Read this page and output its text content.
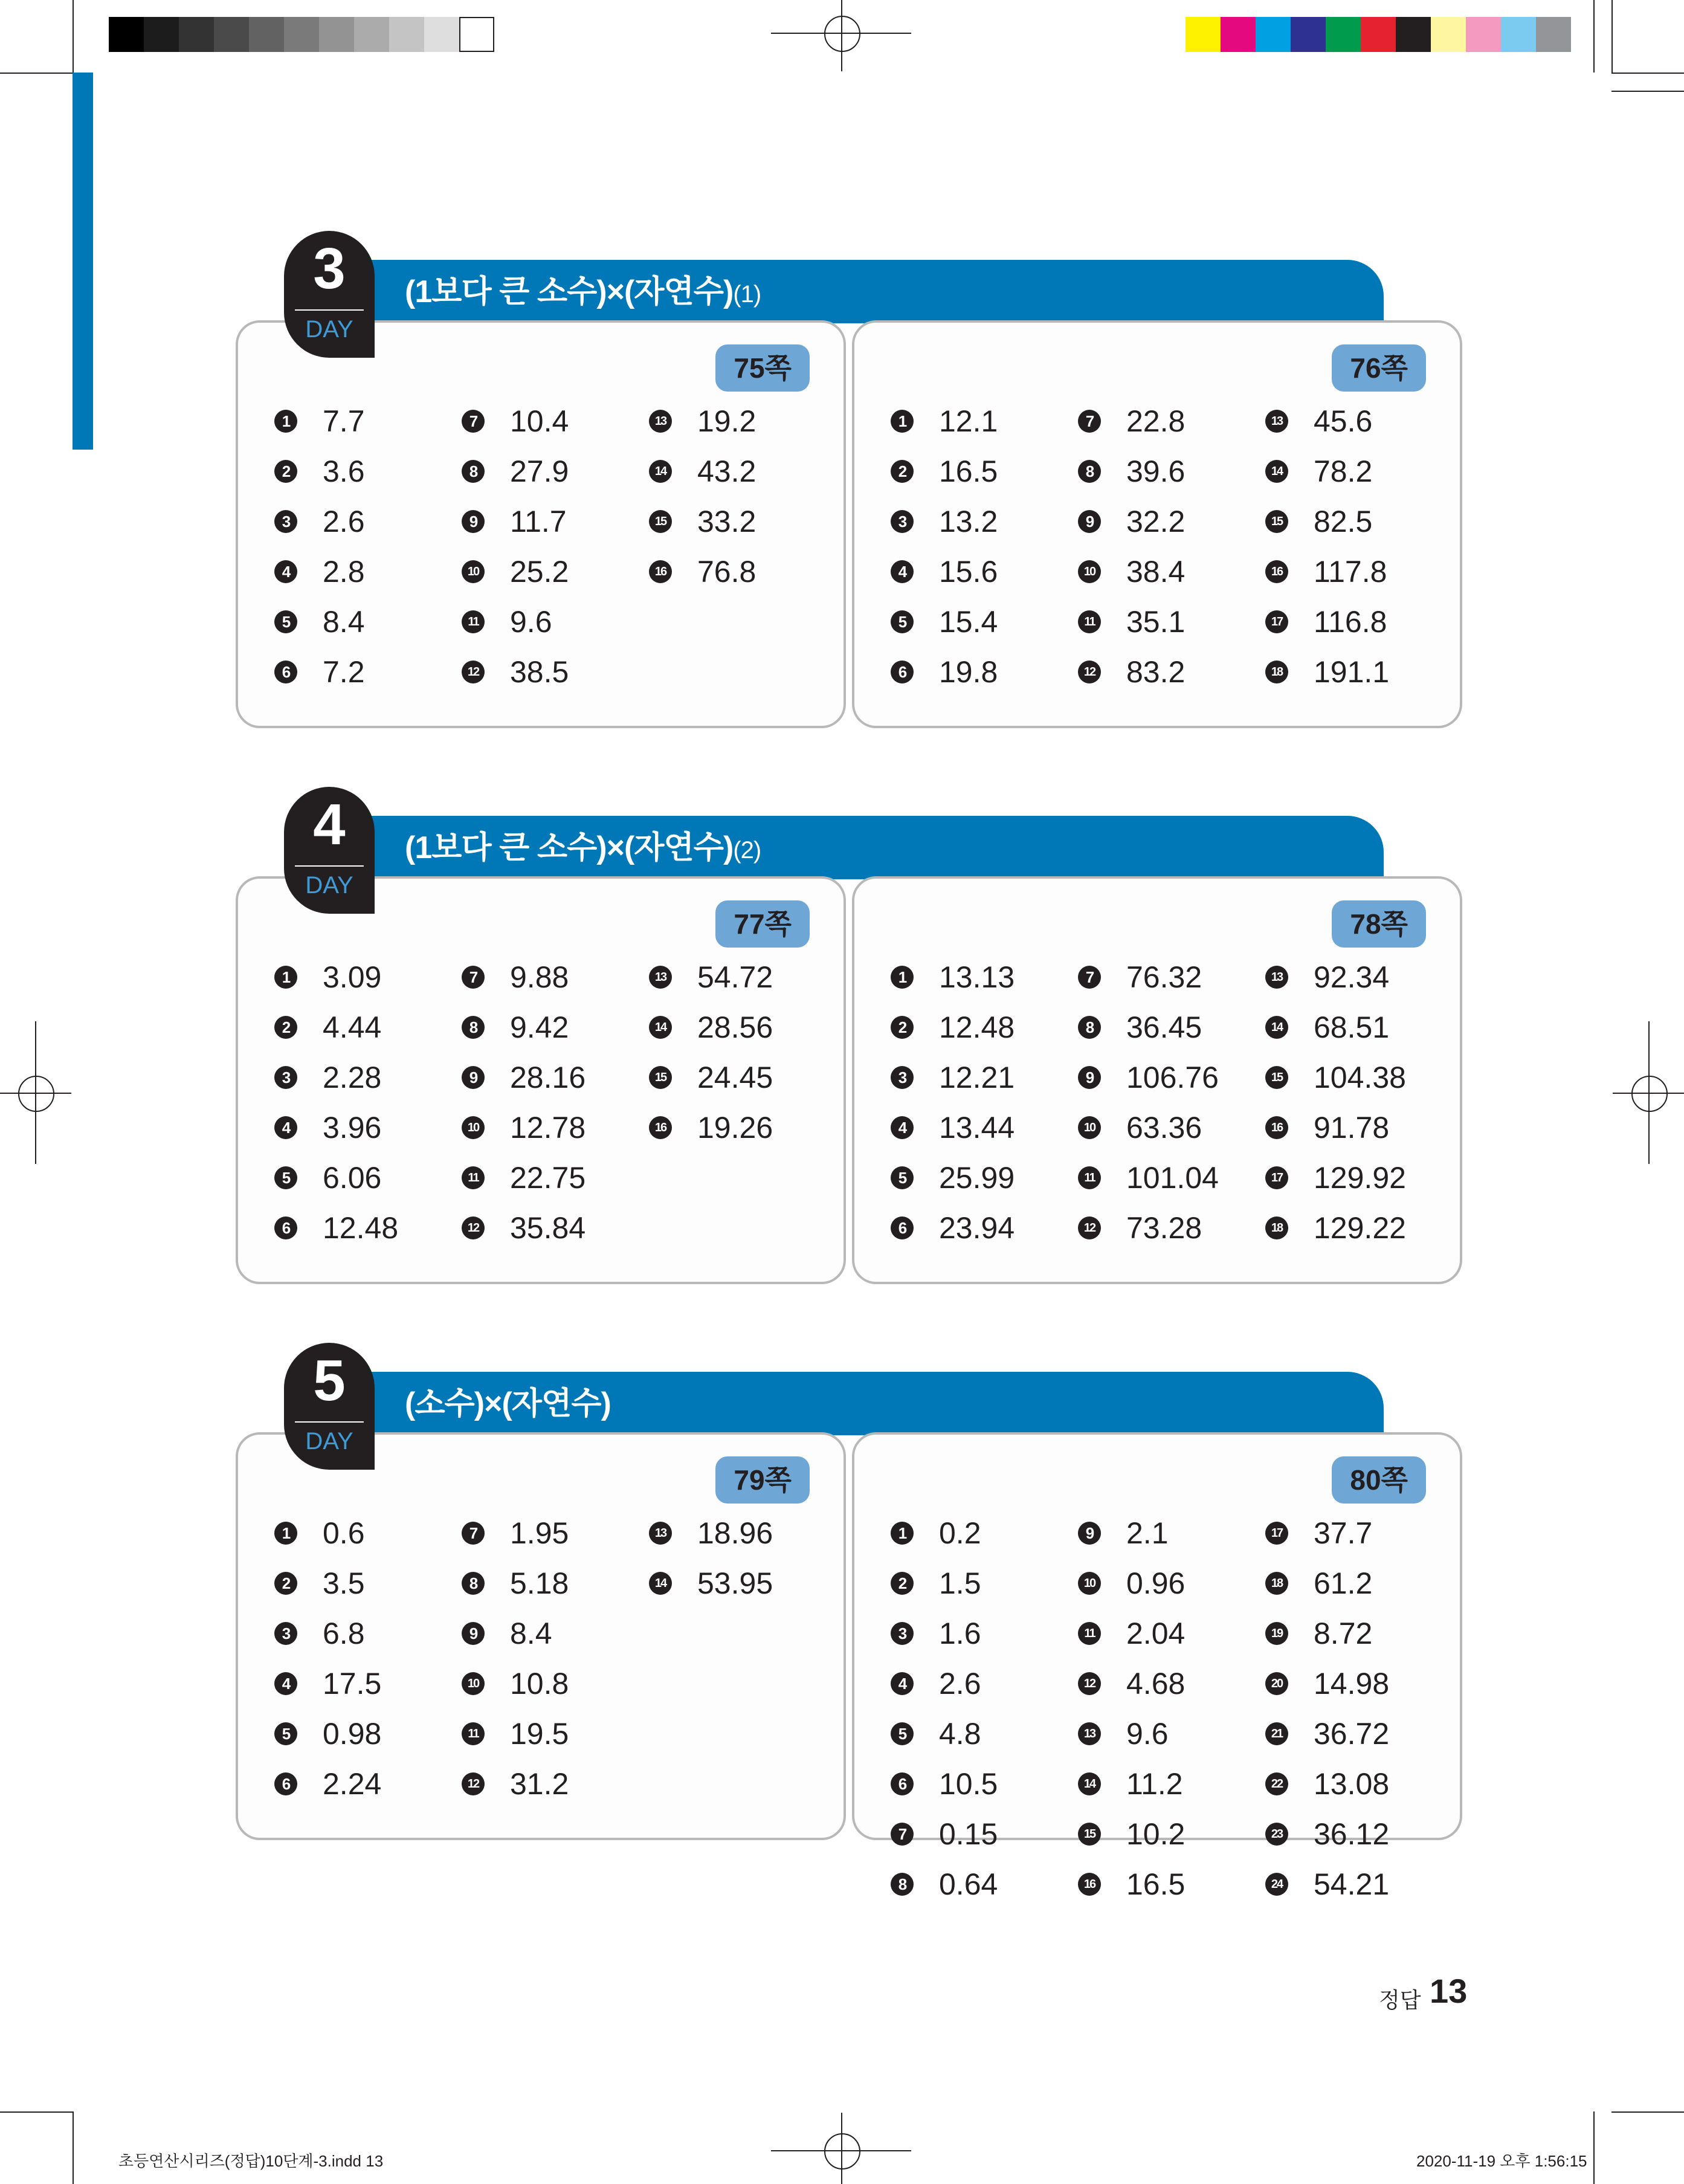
(1보다 큰 소수)×(자연수)(1)
75쪽
1 7.7
2 3.6
3 2.6
4 2.8
5 8.4
6 7.2
7 10.4
8 27.9
9 11.7
10 25.2
11 9.6
12 38.5
13 19.2
14 43.2
15 33.2
16 76.8
76쪽
1 12.1
2 16.5
3 13.2
4 15.6
5 15.4
6 19.8
7 22.8
8 39.6
9 32.2
10 38.4
11 35.1
12 83.2
13 45.6
14 78.2
15 82.5
16 117.8
17 116.8
18 191.1
3
DAY
(1보다 큰 소수)×(자연수)(2)
77쪽
1 3.09
2 4.44
3 2.28
4 3.96
5 6.06
6 12.48
7 9.88
8 9.42
9 28.16
10 12.78
11 22.75
12 35.84
13 54.72
14 28.56
15 24.45
16 19.26
78쪽
1 13.13
2 12.48
3 12.21
4 13.44
5 25.99
6 23.94
7 76.32
8 36.45
9 106.76
10 63.36
11 101.04
12 73.28
13 92.34
14 68.51
15 104.38
16 91.78
17 129.92
18 129.22
4
DAY
(소수)×(자연수)
79쪽
1 0.6
2 3.5
3 6.8
4 17.5
5 0.98
6 2.24
7 1.95
8 5.18
9 8.4
10 10.8
11 19.5
12 31.2
13 18.96
14 53.95
80쪽
1 0.2
2 1.5
3 1.6
4 2.6
5 4.8
6 10.5
7 0.15
8 0.64
9 2.1
10 0.96
11 2.04
12 4.68
13 9.6
14 11.2
15 10.2
16 16.5
17 37.7
18 61.2
19 8.72
20 14.98
21 36.72
22 13.08
23 36.12
24 54.21
5
DAY
정답 13
초등연산시리즈(정답)10단계-3.indd 13	2020-11-19 오후 1:56:15
